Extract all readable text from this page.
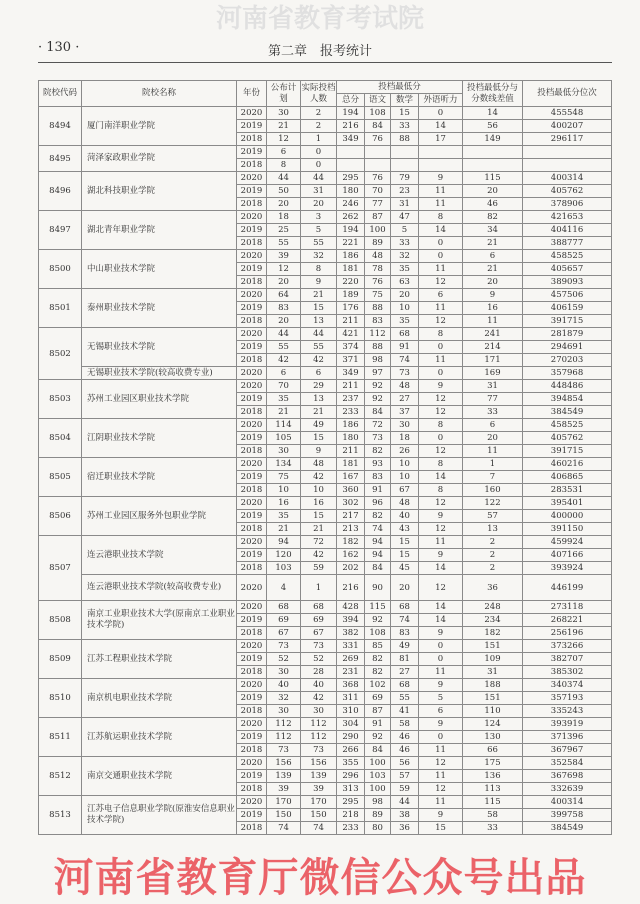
河南省教育考试院
· 130 ·	第二章　报考统计
院校代码	院校名称	年份	公布计划	实际投档人数	投档最低分				投档最低分与分数线差值	投档最低分位次
					总分	语文	数学	外语听力		
8494	厦门南洋职业学院	2020	30	2	194	108	15	0	14	455548
		2019	21	2	216	84	33	14	56	400207
		2018	12	1	349	76	88	17	149	296117
8495	菏泽家政职业学院	2019	6	0						
		2018	8	0						
8496	湖北科技职业学院	2020	44	44	295	76	79	9	115	400314
		2019	50	31	180	70	23	11	20	405762
		2018	20	20	246	77	31	11	46	378906
8497	湖北青年职业学院	2020	18	3	262	87	47	8	82	421653
		2019	25	5	194	100	5	14	34	404116
		2018	55	55	221	89	33	0	21	388777
8500	中山职业技术学院	2020	39	32	186	48	32	0	6	458525
		2019	12	8	181	78	35	11	21	405657
		2018	20	9	220	76	63	12	20	389093
8501	泰州职业技术学院	2020	64	21	189	75	20	6	9	457506
		2019	83	15	176	88	10	11	16	406159
		2018	20	13	211	83	35	12	11	391715
8502	无锡职业技术学院	2020	44	44	421	112	68	8	241	281879
		2019	55	55	374	88	91	0	214	294691
		2018	42	42	371	98	74	11	171	270203
	无锡职业技术学院(较高收费专业)	2020	6	6	349	97	73	0	169	357968
8503	苏州工业园区职业技术学院	2020	70	29	211	92	48	9	31	448486
		2019	35	13	237	92	27	12	77	394854
		2018	21	21	233	84	37	12	33	384549
8504	江阴职业技术学院	2020	114	49	186	72	30	8	6	458525
		2019	105	15	180	73	18	0	20	405762
		2018	30	9	211	82	26	12	11	391715
8505	宿迁职业技术学院	2020	134	48	181	93	10	8	1	460216
		2019	75	42	167	83	10	14	7	406865
		2018	10	10	360	91	67	8	160	283531
8506	苏州工业园区服务外包职业学院	2020	16	16	302	96	48	12	122	395401
		2019	35	15	217	82	40	9	57	400000
		2018	21	21	213	74	43	12	13	391150
8507	连云港职业技术学院	2020	94	72	182	94	15	11	2	459924
		2019	120	42	162	94	15	9	2	407166
		2018	103	59	202	84	45	14	2	393924
	连云港职业技术学院(较高收费专业)	2020	4	1	216	90	20	12	36	446199
8508	南京工业职业技术大学(原南京工业职业技术学院)	2020	68	68	428	115	68	14	248	273118
		2019	69	69	394	92	74	14	234	268221
		2018	67	67	382	108	83	9	182	256196
8509	江苏工程职业技术学院	2020	73	73	331	85	49	0	151	373266
		2019	52	52	269	82	81	0	109	382707
		2018	30	28	231	82	27	11	31	385302
8510	南京机电职业技术学院	2020	40	40	368	102	68	9	188	340374
		2019	32	42	311	69	55	5	151	357193
		2018	30	30	310	87	41	6	110	335243
8511	江苏航运职业技术学院	2020	112	112	304	91	58	9	124	393919
		2019	112	112	290	92	46	0	130	371396
		2018	73	73	266	84	46	11	66	367967
8512	南京交通职业技术学院	2020	156	156	355	100	56	12	175	352584
		2019	139	139	296	103	57	11	136	367698
		2018	39	39	313	100	59	12	113	332639
8513	江苏电子信息职业学院(原淮安信息职业技术学院)	2020	170	170	295	98	44	11	115	400314
		2019	150	150	218	89	38	9	58	399758
		2018	74	74	233	80	36	15	33	384549
河南省教育厅微信公众号出品
